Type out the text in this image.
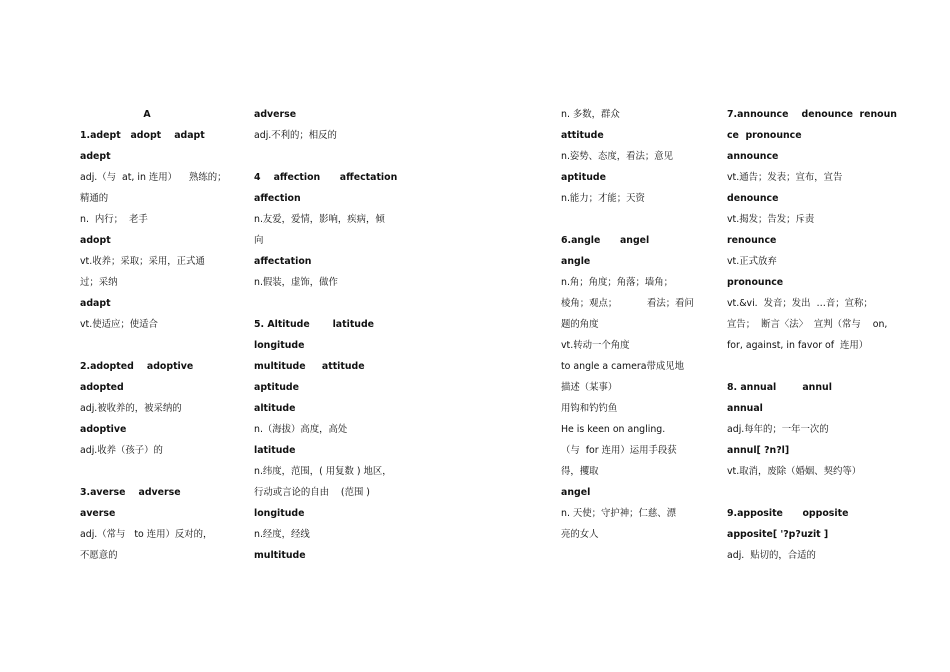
A
1.adept   adopt    adapt
adept
adj.（与  at, in 连用）    熟练的；
精通的
n.  内行；  老手
adopt
vt.收养；采取；采用，正式通
过；采纳
adapt
vt.使适应；使适合
2.adopted    adoptive
adopted
adj.被收养的，被采纳的
adoptive
adj.收养（孩子）的
3.averse    adverse
averse
adj.（常与   to 连用）反对的，
不愿意的
adverse
adj.不利的；相反的
4    affection      affectation
affection
n.友爱，爱情，影响，疾病，倾
向
affectation
n.假装，虚饰，做作
5. Altitude       latitude
longitude
multitude     attitude
aptitude
altitude
n.（海拔）高度，高处
latitude
n.纬度，范围，( 用复数 ) 地区，
行动或言论的自由    (范围 )
longitude
n.经度，经线
multitude
n. 多数，群众
attitude
n.姿势、态度，看法；意见
aptitude
n.能力；才能；天资
6.angle      angel
angle
n.角；角度；角落；墙角；
棱角；观点；          看法；看问
题的角度
vt.转动一个角度
to angle a camera带成见地
描述（某事）
用钩和钓钓鱼
He is keen on angling.
（与  for 连用）运用手段获
得，攫取
angel
n. 天使；守护神；仁慈、漂
亮的女人
7.announce    denounce  renoun
ce  pronounce
announce
vt.通告；发表；宣布，宣告
denounce
vt.揭发；告发；斥责
renounce
vt.正式放弃
pronounce
vt.&vi.  发音；发出  …音；宣称；
宣告；  断言〈法〉  宣判（常与    on,
for, against, in favor of  连用）
8. annual        annul
annual
adj.每年的；一年一次的
annul[ ?n?l]
vt.取消，废除（婚姻、契约等）
9.apposite      opposite
apposite[ '?p?uzit ]
adj.  贴切的，合适的
